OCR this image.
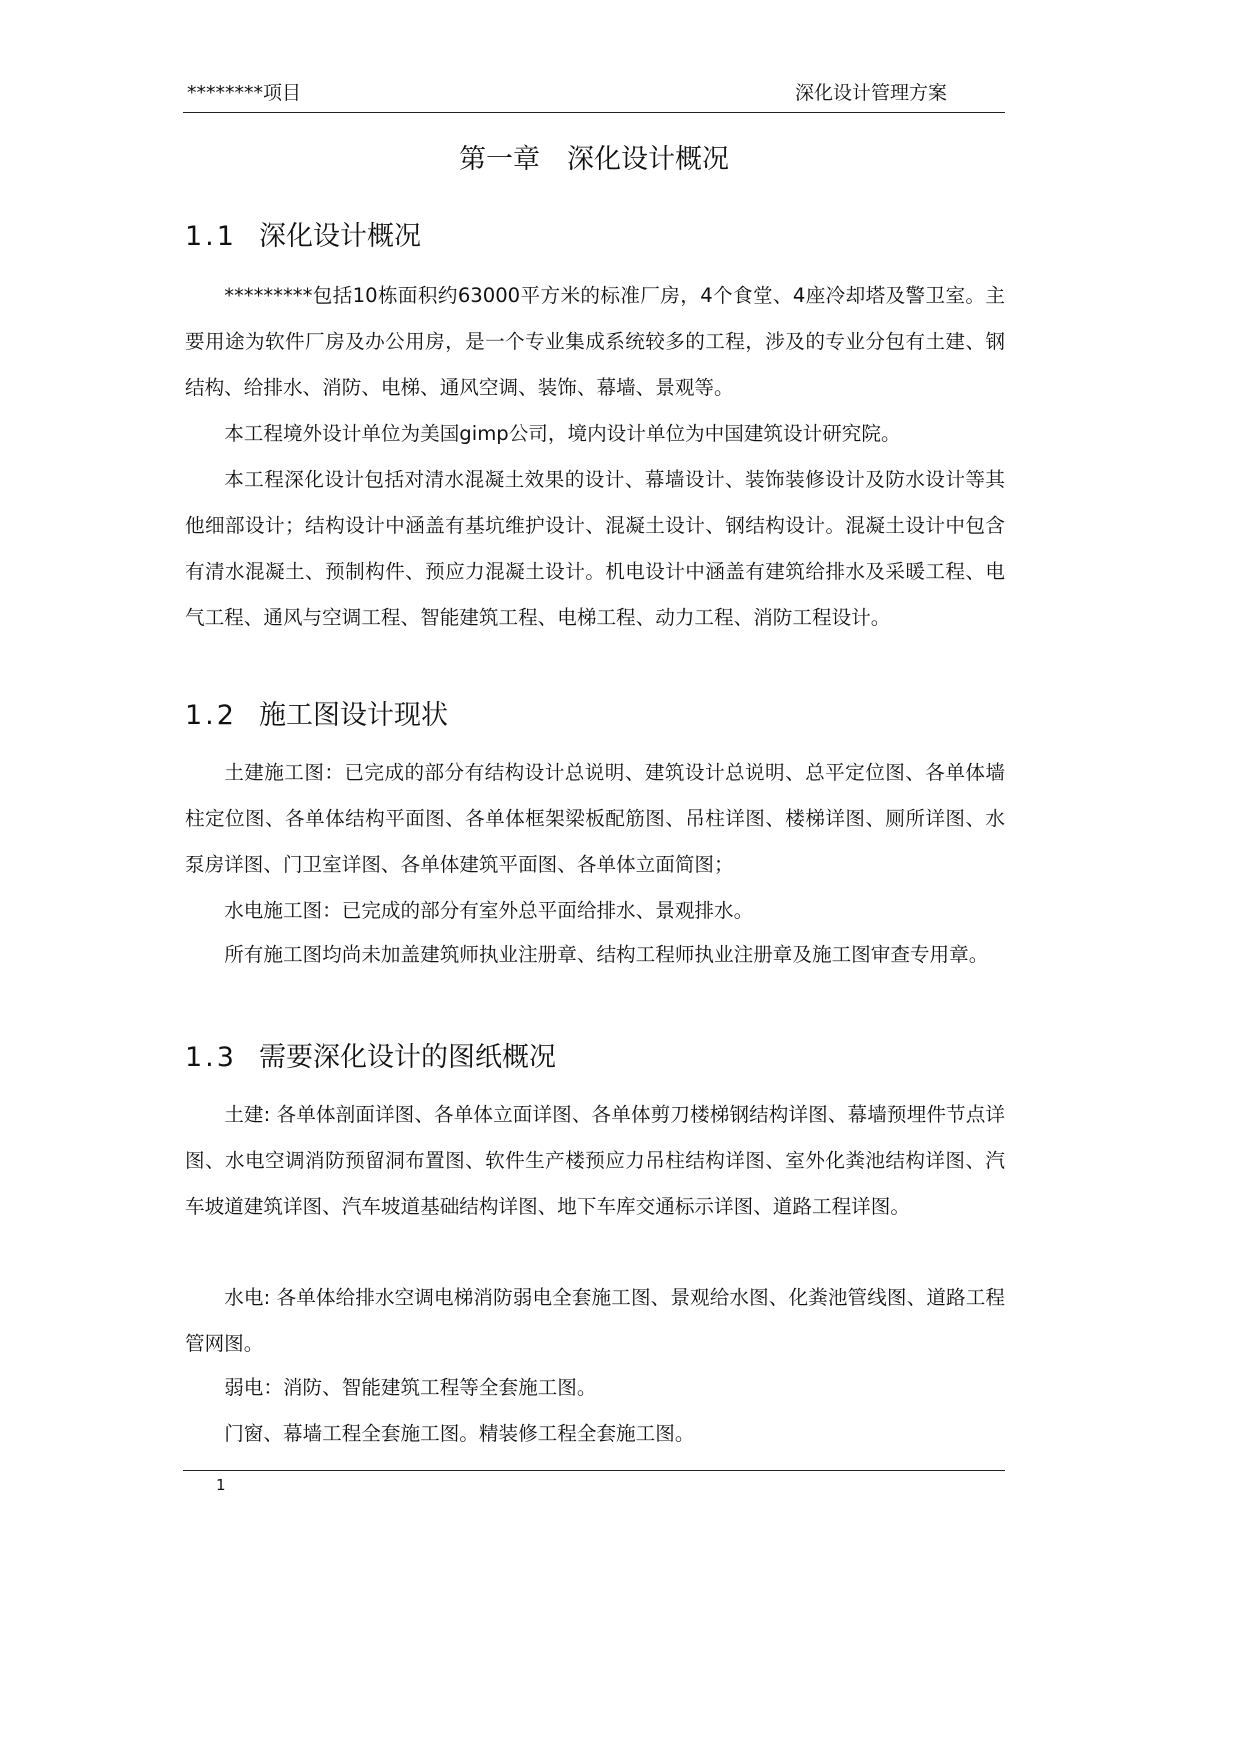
********项目	深化设计管理方案
第一章　深化设计概况
1.1 深化设计概况

*********包括10栋面积约63000平方米的标准厂房，4个食堂、4座冷却塔及警卫室。主要用途为软件厂房及办公用房，是一个专业集成系统较多的工程，涉及的专业分包有土建、钢结构、给排水、消防、电梯、通风空调、装饰、幕墙、景观等。

本工程境外设计单位为美国gimp公司，境内设计单位为中国建筑设计研究院。

本工程深化设计包括对清水混凝土效果的设计、幕墙设计、装饰装修设计及防水设计等其他细部设计；结构设计中涵盖有基坑维护设计、混凝土设计、钢结构设计。混凝土设计中包含有清水混凝土、预制构件、预应力混凝土设计。机电设计中涵盖有建筑给排水及采暖工程、电气工程、通风与空调工程、智能建筑工程、电梯工程、动力工程、消防工程设计。

1.2 施工图设计现状

土建施工图：已完成的部分有结构设计总说明、建筑设计总说明、总平定位图、各单体墙柱定位图、各单体结构平面图、各单体框架梁板配筋图、吊柱详图、楼梯详图、厕所详图、水泵房详图、门卫室详图、各单体建筑平面图、各单体立面简图；

水电施工图：已完成的部分有室外总平面给排水、景观排水。

所有施工图均尚未加盖建筑师执业注册章、结构工程师执业注册章及施工图审查专用章。

1.3 需要深化设计的图纸概况

土建: 各单体剖面详图、各单体立面详图、各单体剪刀楼梯钢结构详图、幕墙预埋件节点详图、水电空调消防预留洞布置图、软件生产楼预应力吊柱结构详图、室外化粪池结构详图、汽车坡道建筑详图、汽车坡道基础结构详图、地下车库交通标示详图、道路工程详图。

水电: 各单体给排水空调电梯消防弱电全套施工图、景观给水图、化粪池管线图、道路工程管网图。

弱电：消防、智能建筑工程等全套施工图。

门窗、幕墙工程全套施工图。精装修工程全套施工图。

1
